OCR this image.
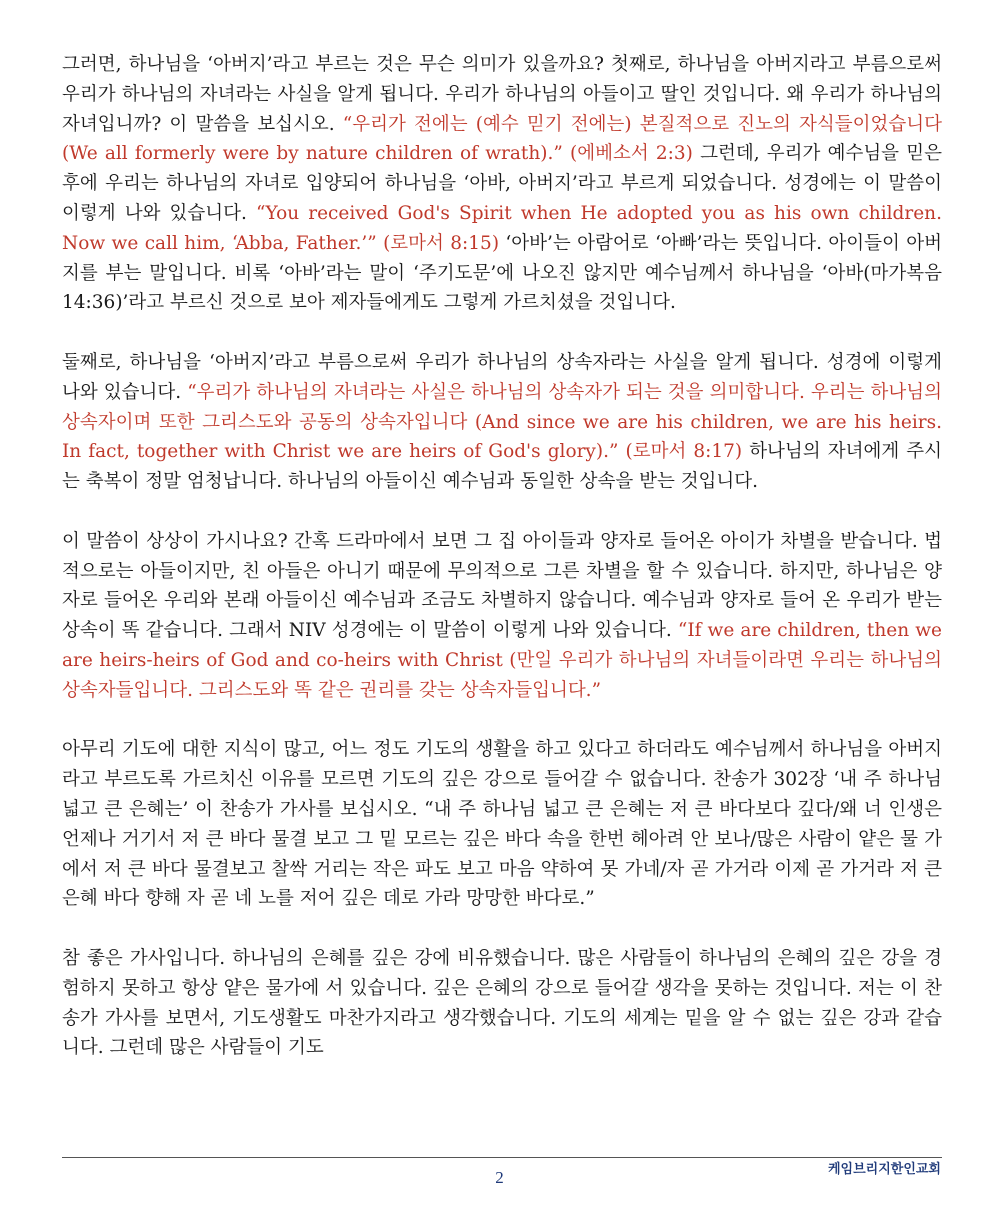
그러면, 하나님을 ‘아버지’라고 부르는 것은 무슨 의미가 있을까요? 첫째로, 하나님을 아버지라고 부름으로써 우리가 하나님의 자녀라는 사실을 알게 됩니다. 우리가 하나님의 아들이고 딸인 것입니다. 왜 우리가 하나님의 자녀입니까? 이 말씀을 보십시오. “우리가 전에는 (예수 믿기 전에는) 본질적으로 진노의 자식들이었습니다 (We all formerly were by nature children of wrath).” (에베소서 2:3) 그런데, 우리가 예수님을 믿은 후에 우리는 하나님의 자녀로 입양되어 하나님을 ‘아바, 아버지’라고 부르게 되었습니다. 성경에는 이 말씀이 이렇게 나와 있습니다. “You received God's Spirit when He adopted you as his own children. Now we call him, ‘Abba, Father.’” (로마서 8:15) ‘아바’는 아람어로 ‘아빠’라는 뜻입니다. 아이들이 아버지를 부는 말입니다. 비록 ‘아바’라는 말이 ‘주기도문’에 나오진 않지만 예수님께서 하나님을 ‘아바(마가복음 14:36)’라고 부르신 것으로 보아 제자들에게도 그렇게 가르치셨을 것입니다.

둘째로, 하나님을 ‘아버지’라고 부름으로써 우리가 하나님의 상속자라는 사실을 알게 됩니다. 성경에 이렇게 나와 있습니다. “우리가 하나님의 자녀라는 사실은 하나님의 상속자가 되는 것을 의미합니다. 우리는 하나님의 상속자이며 또한 그리스도와 공동의 상속자입니다 (And since we are his children, we are his heirs. In fact, together with Christ we are heirs of God's glory).” (로마서 8:17) 하나님의 자녀에게 주시는 축복이 정말 엄청납니다. 하나님의 아들이신 예수님과 동일한 상속을 받는 것입니다.

이 말씀이 상상이 가시나요? 간혹 드라마에서 보면 그 집 아이들과 양자로 들어온 아이가 차별을 받습니다. 법적으로는 아들이지만, 친 아들은 아니기 때문에 무의적으로 그른 차별을 할 수 있습니다. 하지만, 하나님은 양자로 들어온 우리와 본래 아들이신 예수님과 조금도 차별하지 않습니다. 예수님과 양자로 들어 온 우리가 받는 상속이 똑 같습니다. 그래서 NIV 성경에는 이 말씀이 이렇게 나와 있습니다. “If we are children, then we are heirs-heirs of God and co-heirs with Christ (만일 우리가 하나님의 자녀들이라면 우리는 하나님의 상속자들입니다. 그리스도와 똑 같은 권리를 갖는 상속자들입니다.”

아무리 기도에 대한 지식이 많고, 어느 정도 기도의 생활을 하고 있다고 하더라도 예수님께서 하나님을 아버지라고 부르도록 가르치신 이유를 모르면 기도의 깊은 강으로 들어갈 수 없습니다. 찬송가 302장 ‘내 주 하나님 넓고 큰 은혜는’ 이 찬송가 가사를 보십시오. “내 주 하나님 넓고 큰 은혜는 저 큰 바다보다 깊다/왜 너 인생은 언제나 거기서 저 큰 바다 물결 보고 그 밑 모르는 깊은 바다 속을 한번 헤아려 안 보나/많은 사람이 얕은 물 가에서 저 큰 바다 물결보고 찰싹 거리는 작은 파도 보고 마음 약하여 못 가네/자 곧 가거라 이제 곧 가거라 저 큰 은혜 바다 향해 자 곧 네 노를 저어 깊은 데로 가라 망망한 바다로.”

참 좋은 가사입니다. 하나님의 은혜를 깊은 강에 비유했습니다. 많은 사람들이 하나님의 은혜의 깊은 강을 경험하지 못하고 항상 얕은 물가에 서 있습니다. 깊은 은혜의 강으로 들어갈 생각을 못하는 것입니다. 저는 이 찬송가 가사를 보면서, 기도생활도 마찬가지라고 생각했습니다. 기도의 세계는 밑을 알 수 없는 깊은 강과 같습니다. 그런데 많은 사람들이 기도

2	케임브리지한인교회
